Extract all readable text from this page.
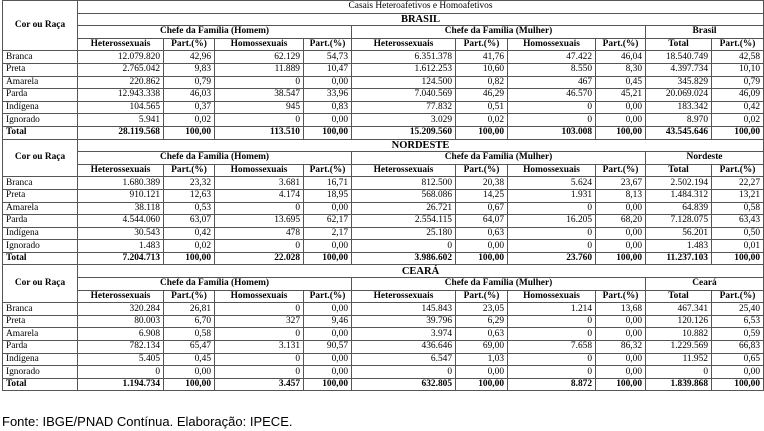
Cor ou Raça	Casais Heteroafetivos e Homoafetivos									
	BRASIL									
	Chefe da Família (Homem)				Chefe da Família (Mulher)				Brasil	
	Heterossexuais	Part.(%)	Homossexuais	Part.(%)	Heterossexuais	Part.(%)	Homossexuais	Part.(%)	Total	Part.(%)
Branca	12.079.820	42,96	62.129	54,73	6.351.378	41,76	47.422	46,04	18.540.749	42,58
Preta	2.765.042	9,83	11.889	10,47	1.612.253	10,60	8.550	8,30	4.397.734	10,10
Amarela	220.862	0,79	0	0,00	124.500	0,82	467	0,45	345.829	0,79
Parda	12.943.338	46,03	38.547	33,96	7.040.569	46,29	46.570	45,21	20.069.024	46,09
Indígena	104.565	0,37	945	0,83	77.832	0,51	0	0,00	183.342	0,42
Ignorado	5.941	0,02	0	0,00	3.029	0,02	0	0,00	8.970	0,02
Total	28.119.568	100,00	113.510	100,00	15.209.560	100,00	103.008	100,00	43.545.646	100,00
Cor ou Raça	NORDESTE									
	Chefe da Família (Homem)				Chefe da Família (Mulher)				Nordeste	
	Heterossexuais	Part.(%)	Homossexuais	Part.(%)	Heterossexuais	Part.(%)	Homossexuais	Part.(%)	Total	Part.(%)
Branca	1.680.389	23,32	3.681	16,71	812.500	20,38	5.624	23,67	2.502.194	22,27
Preta	910.121	12,63	4.174	18,95	568.086	14,25	1.931	8,13	1.484.312	13,21
Amarela	38.118	0,53	0	0,00	26.721	0,67	0	0,00	64.839	0,58
Parda	4.544.060	63,07	13.695	62,17	2.554.115	64,07	16.205	68,20	7.128.075	63,43
Indígena	30.543	0,42	478	2,17	25.180	0,63	0	0,00	56.201	0,50
Ignorado	1.483	0,02	0	0,00	0	0,00	0	0,00	1.483	0,01
Total	7.204.713	100,00	22.028	100,00	3.986.602	100,00	23.760	100,00	11.237.103	100,00
Cor ou Raça	CEARÁ									
	Chefe da Família (Homem)				Chefe da Família (Mulher)				Ceará	
	Heterossexuais	Part.(%)	Homossexuais	Part.(%)	Heterossexuais	Part.(%)	Homossexuais	Part.(%)	Total	Part.(%)
Branca	320.284	26,81	0	0,00	145.843	23,05	1.214	13,68	467.341	25,40
Preta	80.003	6,70	327	9,46	39.796	6,29	0	0,00	120.126	6,53
Amarela	6.908	0,58	0	0,00	3.974	0,63	0	0,00	10.882	0,59
Parda	782.134	65,47	3.131	90,57	436.646	69,00	7.658	86,32	1.229.569	66,83
Indígena	5.405	0,45	0	0,00	6.547	1,03	0	0,00	11.952	0,65
Ignorado	0	0,00	0	0,00	0	0,00	0	0,00	0	0,00
Total	1.194.734	100,00	3.457	100,00	632.805	100,00	8.872	100,00	1.839.868	100,00
Fonte: IBGE/PNAD Contínua. Elaboração: IPECE.
